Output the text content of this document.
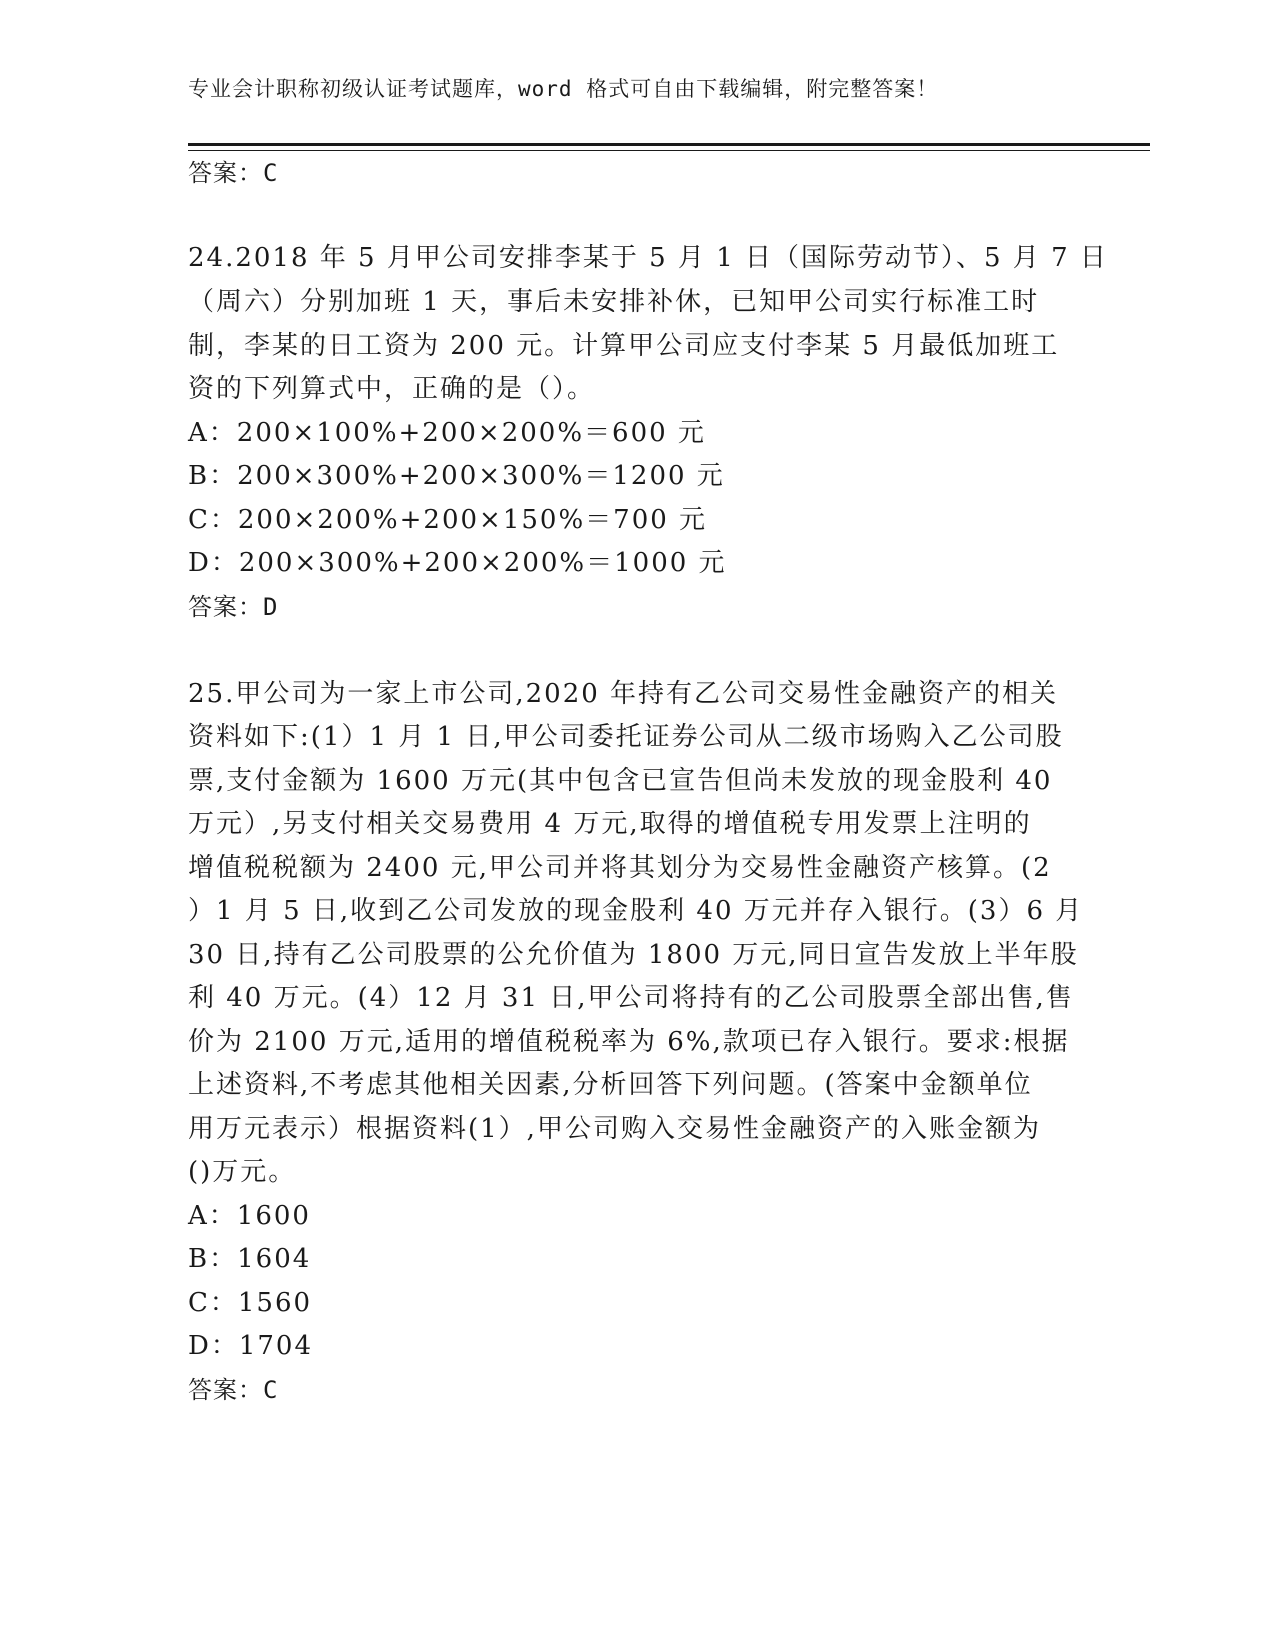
专业会计职称初级认证考试题库，word 格式可自由下载编辑，附完整答案！
答案：C
24.2018 年 5 月甲公司安排李某于 5 月 1 日（国际劳动节）、5 月 7 日
（周六）分别加班 1 天，事后未安排补休，已知甲公司实行标准工时
制，李某的日工资为 200 元。计算甲公司应支付李某 5 月最低加班工
资的下列算式中，正确的是（）。
A：200×100%+200×200%＝600 元
B：200×300%+200×300%＝1200 元
C：200×200%+200×150%＝700 元
D：200×300%+200×200%＝1000 元
答案：D
25.甲公司为一家上市公司,2020 年持有乙公司交易性金融资产的相关
资料如下:(1）1 月 1 日,甲公司委托证券公司从二级市场购入乙公司股
票,支付金额为 1600 万元(其中包含已宣告但尚未发放的现金股利 40
万元）,另支付相关交易费用 4 万元,取得的增值税专用发票上注明的
增值税税额为 2400 元,甲公司并将其划分为交易性金融资产核算。(2
）1 月 5 日,收到乙公司发放的现金股利 40 万元并存入银行。(3）6 月
30 日,持有乙公司股票的公允价值为 1800 万元,同日宣告发放上半年股
利 40 万元。(4）12 月 31 日,甲公司将持有的乙公司股票全部出售,售
价为 2100 万元,适用的增值税税率为 6%,款项已存入银行。要求:根据
上述资料,不考虑其他相关因素,分析回答下列问题。(答案中金额单位
用万元表示）根据资料(1）,甲公司购入交易性金融资产的入账金额为
()万元。
A：1600
B：1604
C：1560
D：1704
答案：C
